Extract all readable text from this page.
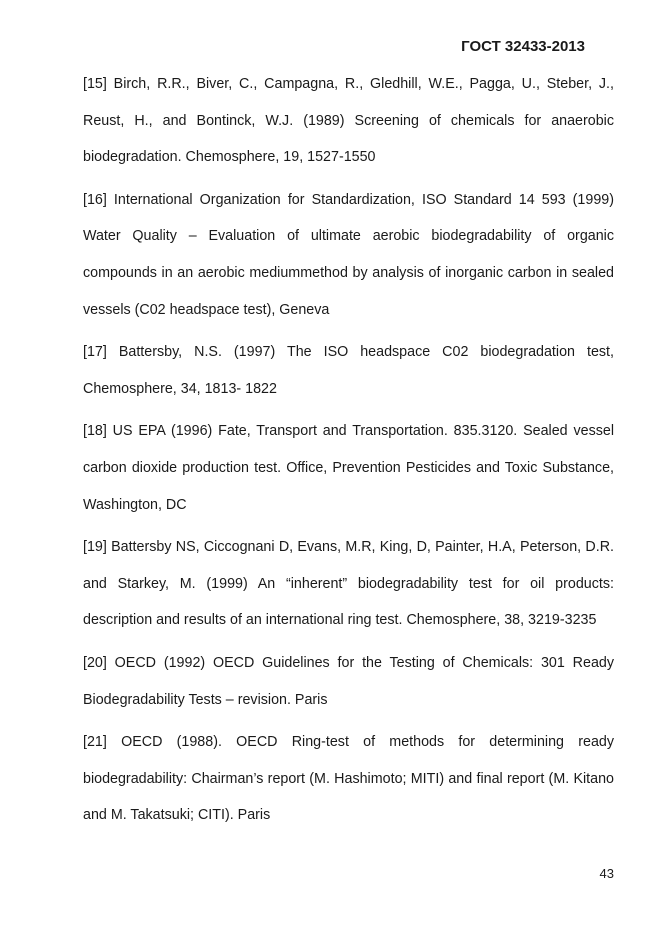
ГОСТ 32433-2013

[15] Birch, R.R., Biver, C., Campagna, R., Gledhill, W.E., Pagga, U., Steber, J., Reust, H., and Bontinck, W.J. (1989) Screening of chemicals for anaerobic biodegradation. Chemosphere, 19, 1527-1550

[16] International Organization for Standardization, ISO Standard 14 593 (1999) Water Quality – Evaluation of ultimate aerobic biodegradability of organic compounds in an aerobic mediummethod by analysis of inorganic carbon in sealed vessels (C02 headspace test), Geneva

[17] Battersby, N.S. (1997) The ISO headspace C02 biodegradation test, Chemosphere, 34, 1813- 1822

[18] US EPA (1996) Fate, Transport and Transportation. 835.3120. Sealed vessel carbon dioxide production test. Office, Prevention Pesticides and Toxic Substance, Washington, DC

[19] Battersby NS, Ciccognani D, Evans, M.R, King, D, Painter, H.A, Peterson, D.R. and Starkey, M. (1999) An “inherent” biodegradability test for oil products: description and results of an international ring test. Chemosphere, 38, 3219-3235

[20] OECD (1992) OECD Guidelines for the Testing of Chemicals: 301 Ready Biodegradability Tests – revision. Paris

[21] OECD (1988). OECD Ring-test of methods for determining ready biodegradability: Chairman’s report (M. Hashimoto; MITI) and final report (M. Kitano and M. Takatsuki; CITI). Paris

43
